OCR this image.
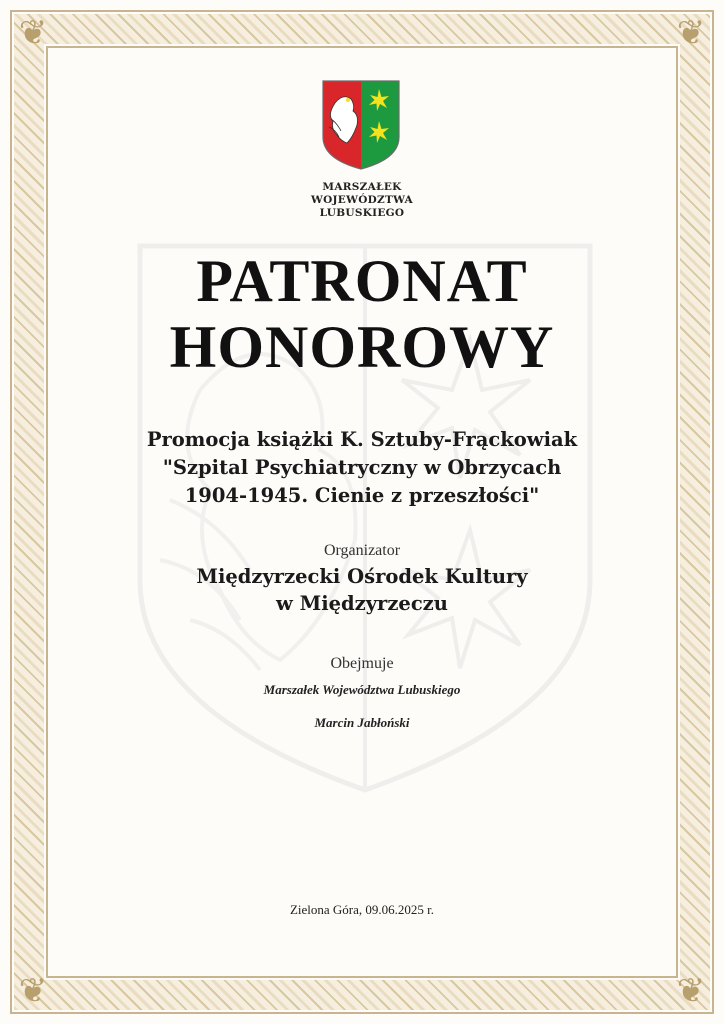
❦	❦
❦	❦
MARSZAŁEK
WOJEWÓDZTWA
LUBUSKIEGO
PATRONAT
HONOROWY
Promocja książki K. Sztuby-Frąckowiak
"Szpital Psychiatryczny w Obrzycach
1904-1945. Cienie z przeszłości"
Organizator
Międzyrzecki Ośrodek Kultury
w Międzyrzeczu
Obejmuje
Marszałek Województwa Lubuskiego
Marcin Jabłoński
Zielona Góra, 09.06.2025 r.
